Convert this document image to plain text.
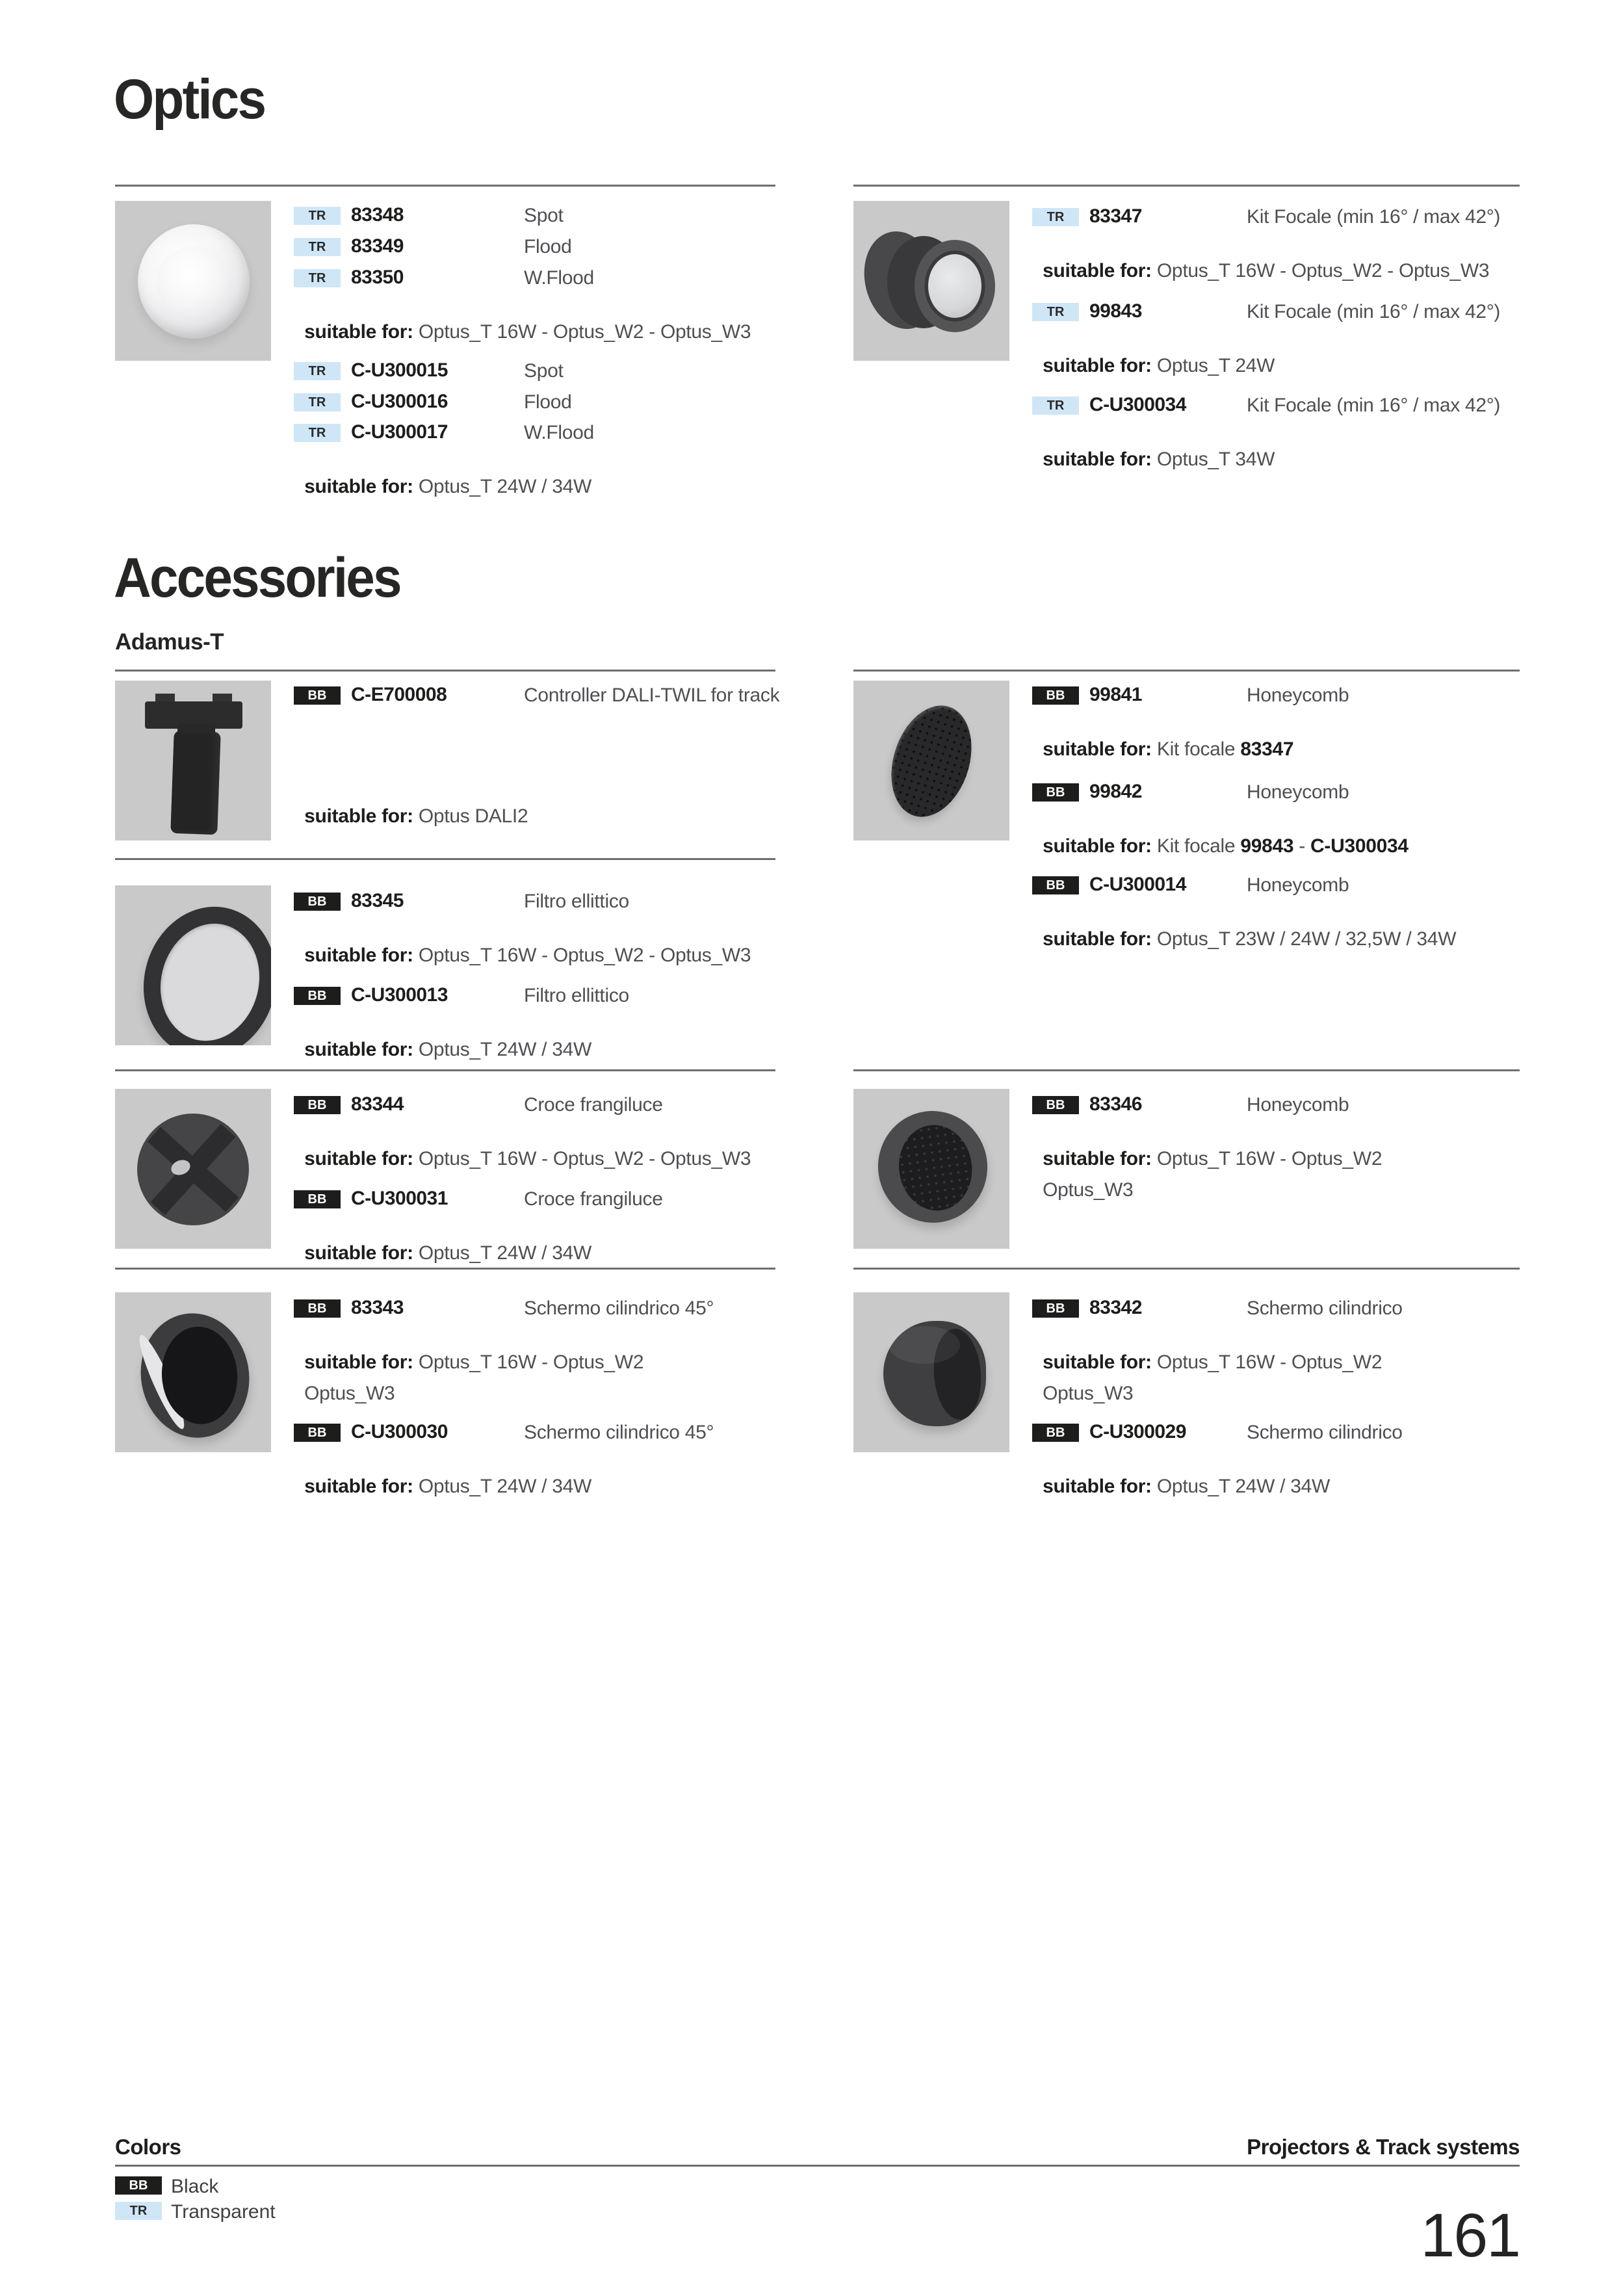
Optics
TR	83348	Spot
TR	83349	Flood
TR	83350	W.Flood

suitable for: Optus_T 16W - Optus_W2 - Optus_W3

TR	C-U300015	Spot
TR	C-U300016	Flood
TR	C-U300017	W.Flood

suitable for: Optus_T 24W / 34W

TR	83347	Kit Focale (min 16° / max 42°)

suitable for: Optus_T 16W - Optus_W2 - Optus_W3

TR	99843	Kit Focale (min 16° / max 42°)

suitable for: Optus_T 24W

TR	C-U300034	Kit Focale (min 16° / max 42°)

suitable for: Optus_T 34W

Accessories
Adamus-T
BB	C-E700008	Controller DALI-TWIL for track

suitable for: Optus DALI2

BB	99841	Honeycomb

suitable for: Kit focale 83347

BB	99842	Honeycomb

suitable for: Kit focale 99843 - C-U300034

BB	C-U300014	Honeycomb

suitable for: Optus_T 23W / 24W / 32,5W / 34W

BB	83345	Filtro ellittico

suitable for: Optus_T 16W - Optus_W2 - Optus_W3

BB	C-U300013	Filtro ellittico

suitable for: Optus_T 24W / 34W

BB	83344	Croce frangiluce

suitable for: Optus_T 16W - Optus_W2 - Optus_W3

BB	C-U300031	Croce frangiluce

suitable for: Optus_T 24W / 34W

BB	83346	Honeycomb

suitable for: Optus_T 16W - Optus_W2

Optus_W3

BB	83343	Schermo cilindrico 45°

suitable for: Optus_T 16W - Optus_W2

Optus_W3

BB	C-U300030	Schermo cilindrico 45°

suitable for: Optus_T 24W / 34W

BB	83342	Schermo cilindrico

suitable for: Optus_T 16W - Optus_W2

Optus_W3

BB	C-U300029	Schermo cilindrico

suitable for: Optus_T 24W / 34W

Colors	Projectors & Track systems
BB	Black
TR	Transparent	161
